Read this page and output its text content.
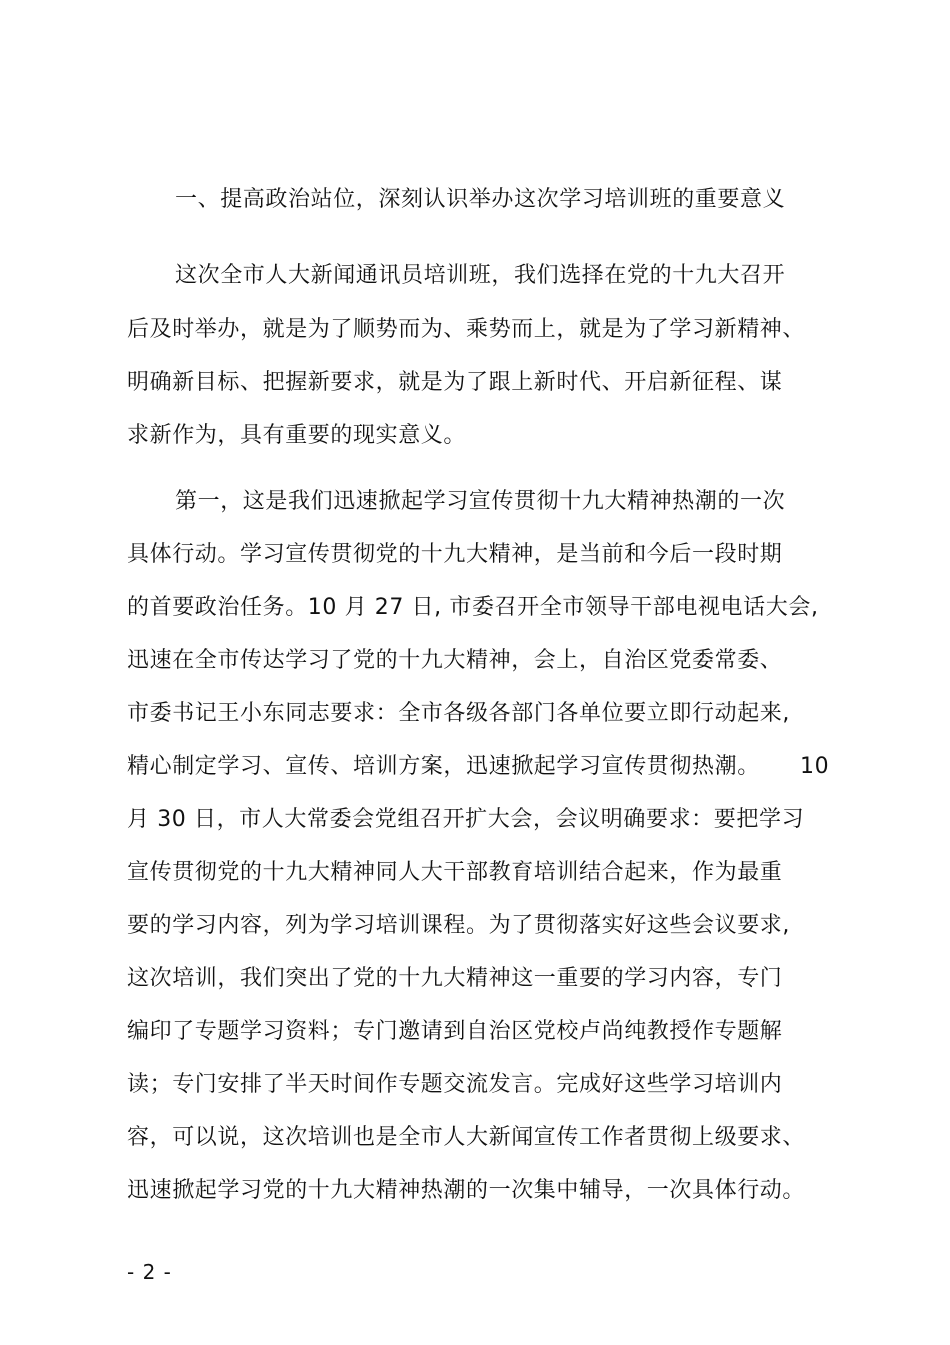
一、提高政治站位，深刻认识举办这次学习培训班的重要意义
这次全市人大新闻通讯员培训班，我们选择在党的十九大召开
后及时举办，就是为了顺势而为、乘势而上，就是为了学习新精神、
明确新目标、把握新要求，就是为了跟上新时代、开启新征程、谋
求新作为，具有重要的现实意义。
第一，这是我们迅速掀起学习宣传贯彻十九大精神热潮的一次
具体行动。学习宣传贯彻党的十九大精神，是当前和今后一段时期
的首要政治任务。10 月 27 日, 市委召开全市领导干部电视电话大会,
迅速在全市传达学习了党的十九大精神，会上，自治区党委常委、
市委书记王小东同志要求：全市各级各部门各单位要立即行动起来,
精心制定学习、宣传、培训方案，迅速掀起学习宣传贯彻热潮。 10
月 30 日，市人大常委会党组召开扩大会，会议明确要求：要把学习
宣传贯彻党的十九大精神同人大干部教育培训结合起来，作为最重
要的学习内容，列为学习培训课程。为了贯彻落实好这些会议要求,
这次培训，我们突出了党的十九大精神这一重要的学习内容，专门
编印了专题学习资料；专门邀请到自治区党校卢尚纯教授作专题解
读；专门安排了半天时间作专题交流发言。完成好这些学习培训内
容，可以说，这次培训也是全市人大新闻宣传工作者贯彻上级要求、
迅速掀起学习党的十九大精神热潮的一次集中辅导，一次具体行动。
- 2 -
